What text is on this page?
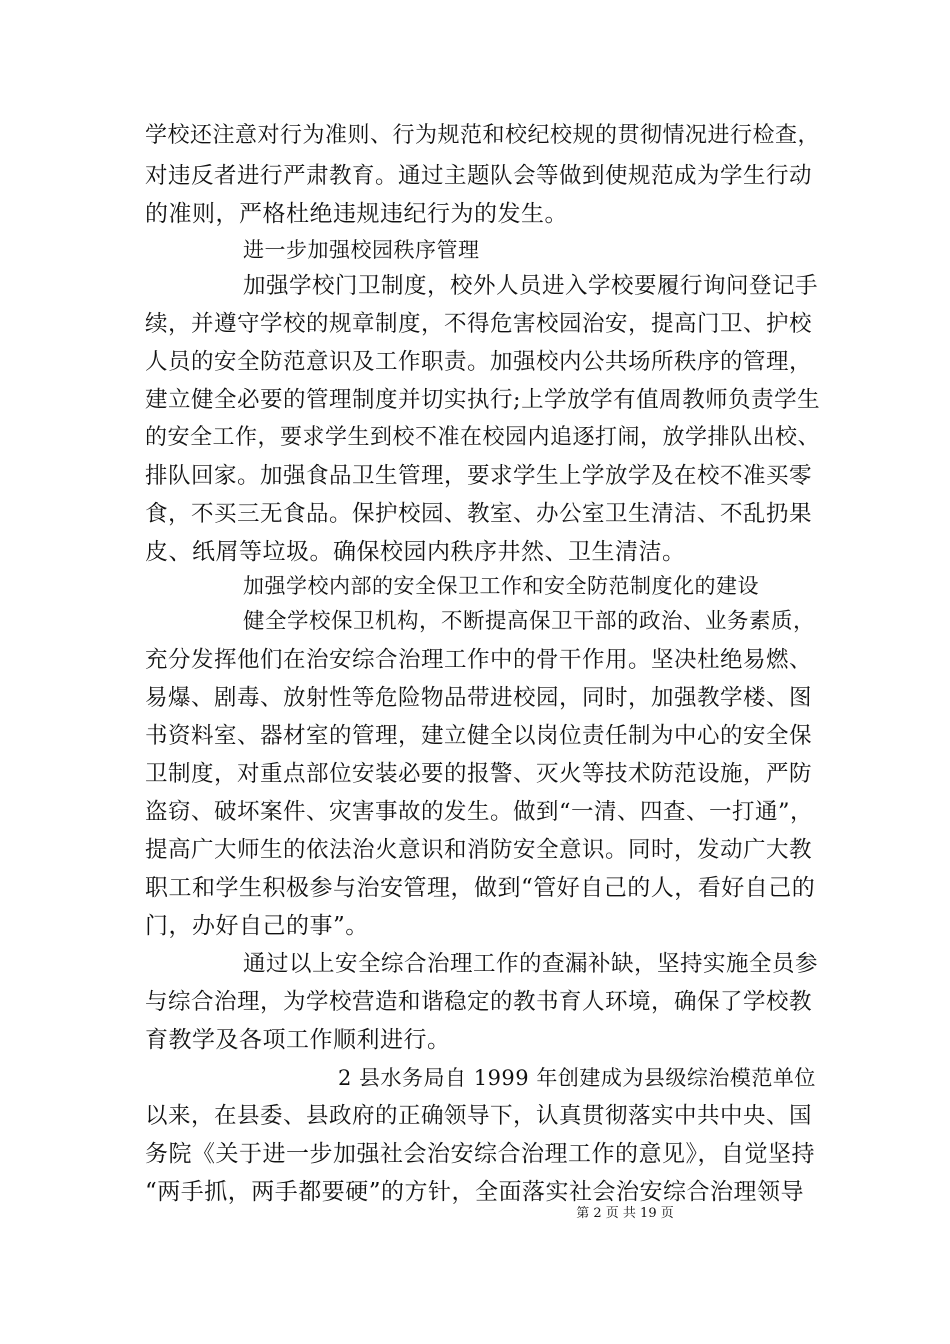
学校还注意对行为准则、行为规范和校纪校规的贯彻情况进行检查，
对违反者进行严肃教育。通过主题队会等做到使规范成为学生行动
的准则，严格杜绝违规违纪行为的发生。
进一步加强校园秩序管理
加强学校门卫制度，校外人员进入学校要履行询问登记手
续，并遵守学校的规章制度，不得危害校园治安，提高门卫、护校
人员的安全防范意识及工作职责。加强校内公共场所秩序的管理，
建立健全必要的管理制度并切实执行;上学放学有值周教师负责学生
的安全工作，要求学生到校不准在校园内追逐打闹，放学排队出校、
排队回家。加强食品卫生管理，要求学生上学放学及在校不准买零
食，不买三无食品。保护校园、教室、办公室卫生清洁、不乱扔果
皮、纸屑等垃圾。确保校园内秩序井然、卫生清洁。
加强学校内部的安全保卫工作和安全防范制度化的建设
健全学校保卫机构，不断提高保卫干部的政治、业务素质，
充分发挥他们在治安综合治理工作中的骨干作用。坚决杜绝易燃、
易爆、剧毒、放射性等危险物品带进校园，同时，加强教学楼、图
书资料室、器材室的管理，建立健全以岗位责任制为中心的安全保
卫制度，对重点部位安装必要的报警、灭火等技术防范设施，严防
盗窃、破坏案件、灾害事故的发生。做到“一清、四查、一打通”，
提高广大师生的依法治火意识和消防安全意识。同时，发动广大教
职工和学生积极参与治安管理，做到“管好自己的人，看好自己的
门，办好自己的事”。
通过以上安全综合治理工作的查漏补缺，坚持实施全员参
与综合治理，为学校营造和谐稳定的教书育人环境，确保了学校教
育教学及各项工作顺利进行。
2 县水务局自 1999 年创建成为县级综治模范单位
以来，在县委、县政府的正确领导下，认真贯彻落实中共中央、国
务院《关于进一步加强社会治安综合治理工作的意见》，自觉坚持
“两手抓，两手都要硬”的方针，全面落实社会治安综合治理领导
第 2 页 共 19 页
